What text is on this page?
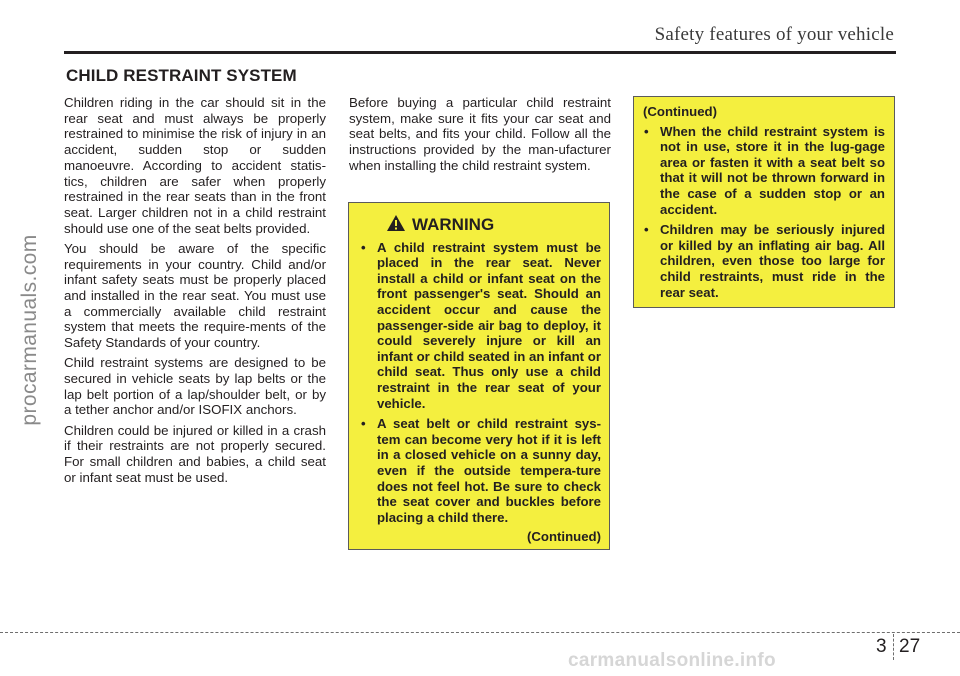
Safety features of your vehicle
procarmanuals.com
CHILD RESTRAINT SYSTEM

Children riding in the car should sit in the rear seat and must always be properly restrained to minimise the risk of injury in an accident, sudden stop or sudden manoeuvre. According to accident statis-tics, children are safer when properly restrained in the rear seats than in the front seat. Larger children not in a child restraint should use one of the seat belts provided.

You should be aware of the specific requirements in your country. Child and/or infant safety seats must be properly placed and installed in the rear seat. You must use a commercially available child restraint system that meets the require-ments of the Safety Standards of your country.

Child restraint systems are designed to be secured in vehicle seats by lap belts or the lap belt portion of a lap/shoulder belt, or by a tether anchor and/or ISOFIX anchors.

Children could be injured or killed in a crash if their restraints are not properly secured. For small children and babies, a child seat or infant seat must be used.

Before buying a particular child restraint system, make sure it fits your car seat and seat belts, and fits your child. Follow all the instructions provided by the man-ufacturer when installing the child restraint system.

WARNING
• A child restraint system must be placed in the rear seat. Never install a child or infant seat on the front passenger's seat. Should an accident occur and cause the passenger-side air bag to deploy, it could severely injure or kill an infant or child seated in an infant or child seat. Thus only use a child restraint in the rear seat of your vehicle.
• A seat belt or child restraint sys-tem can become very hot if it is left in a closed vehicle on a sunny day, even if the outside tempera-ture does not feel hot. Be sure to check the seat cover and buckles before placing a child there.
(Continued)
(Continued)
• When the child restraint system is not in use, store it in the lug-gage area or fasten it with a seat belt so that it will not be thrown forward in the case of a sudden stop or an accident.
• Children may be seriously injured or killed by an inflating air bag. All children, even those too large for child restraints, must ride in the rear seat.
3 27
carmanualsonline.info
